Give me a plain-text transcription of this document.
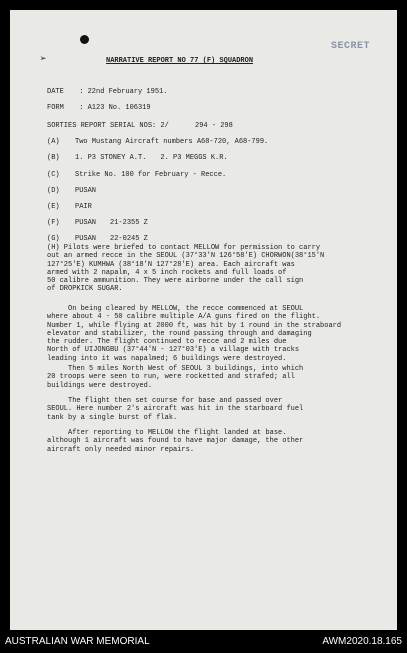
➢
SECRET
NARRATIVE REPORT NO 77 (F) SQUADRON
DATE : 22nd February 1951.
FORM : A123 No. 106319
SORTIES REPORT SERIAL NOS: 2/	294 - 298
(A) Two Mustang Aircraft numbers A68-720, A68-799.
(B) 1. P3 STONEY A.T. 2. P3 MEGGS K.R.
(C) Strike No. 100 for February - Recce.
(D) PUSAN
(E) PAIR
(F) PUSAN 21-2355 Z
(G) PUSAN 22-0245 Z
(H) Pilots were briefed to contact MELLOW for permission to carry
out an armed recce in the SEOUL (37°33'N 126°58'E) CHORWON(38°15'N
127°25'E) KUMHWA (38°18'N 127°28'E) area. Each aircraft was
armed with 2 napalm, 4 x 5 inch rockets and full loads of
50 calibre ammunition. They were airborne under the call sign
of DROPKICK SUGAR.
On being cleared by MELLOW, the recce commenced at SEOUL
where about 4 - 50 calibre multiple A/A guns fired on the flight.
Number 1, while flying at 2000 ft, was hit by 1 round in the straboard
elevator and stabilizer, the round passing through and damaging
the rudder. The flight continued to recce and 2 miles due
North of UIJONGBU (37°44'N - 127°03'E) a village with tracks
leading into it was napalmed; 6 buildings were destroyed.
Then 5 miles North West of SEOUL 3 buildings, into which
20 troops were seen to run, were rocketted and strafed; all
buildings were destroyed.
The flight then set course for base and passed over
SEOUL. Here number 2's aircraft was hit in the starboard fuel
tank by a single burst of flak.
After reporting to MELLOW the flight landed at base.
although 1 aircraft was found to have major damage, the other
aircraft only needed minor repairs.
AUSTRALIAN WAR MEMORIAL	AWM2020.18.165
